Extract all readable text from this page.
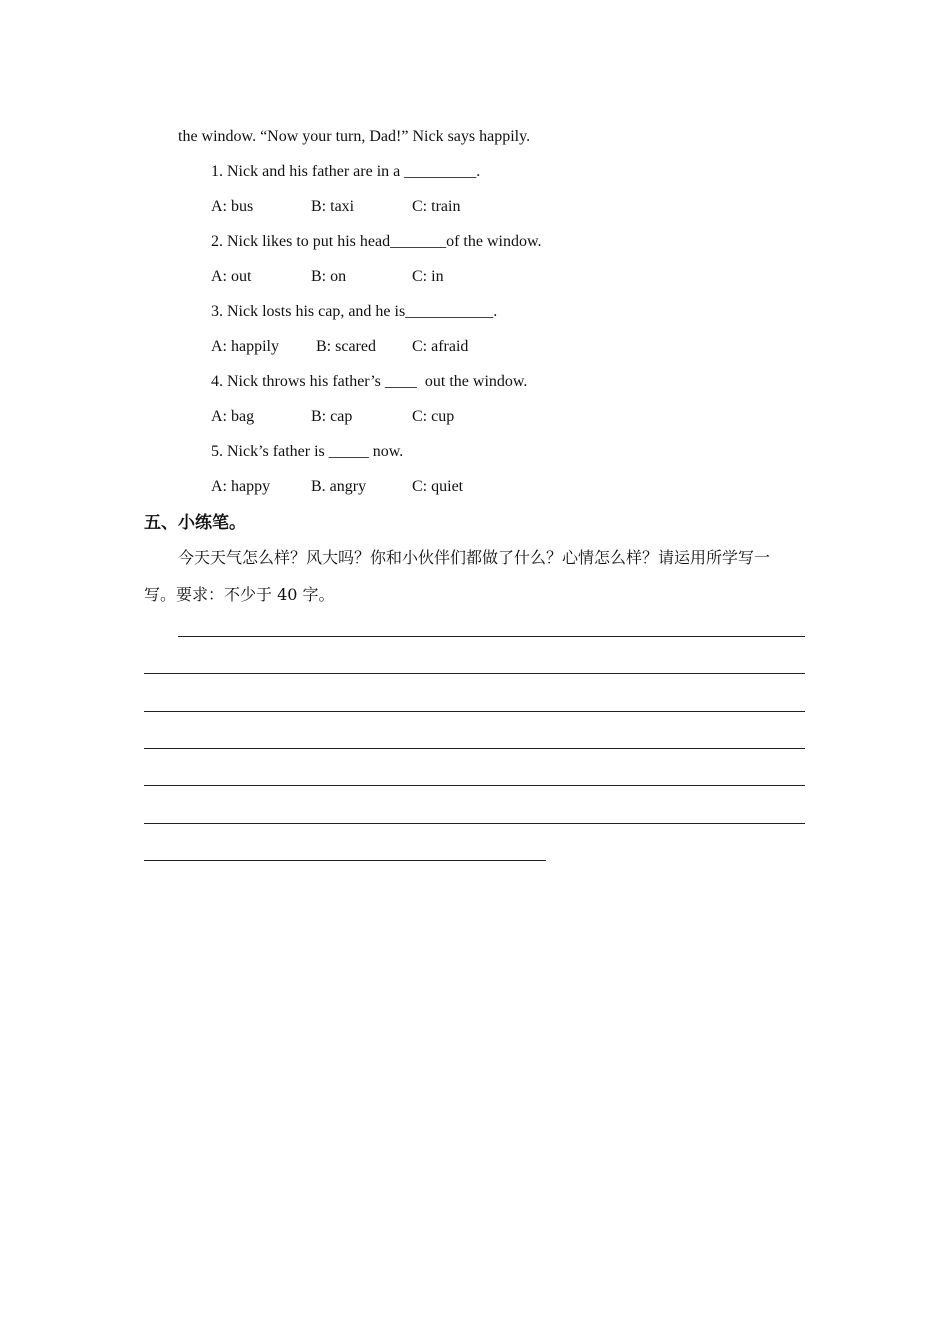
the window. “Now your turn, Dad!” Nick says happily.
1. Nick and his father are in a _________.
A: bus	B: taxi	C: train
2. Nick likes to put his head_______of the window.
A: out	B: on	C: in
3. Nick losts his cap, and he is___________.
A: happily B: scared C: afraid
4. Nick throws his father’s ____  out the window.
A: bag	B: cap	C: cup
5. Nick’s father is _____ now.
A: happy	B. angry	C: quiet
五、小练笔。
今天天气怎么样？风大吗？你和小伙伴们都做了什么？心情怎么样？请运用所学写一
写。要求：不少于 40 字。
